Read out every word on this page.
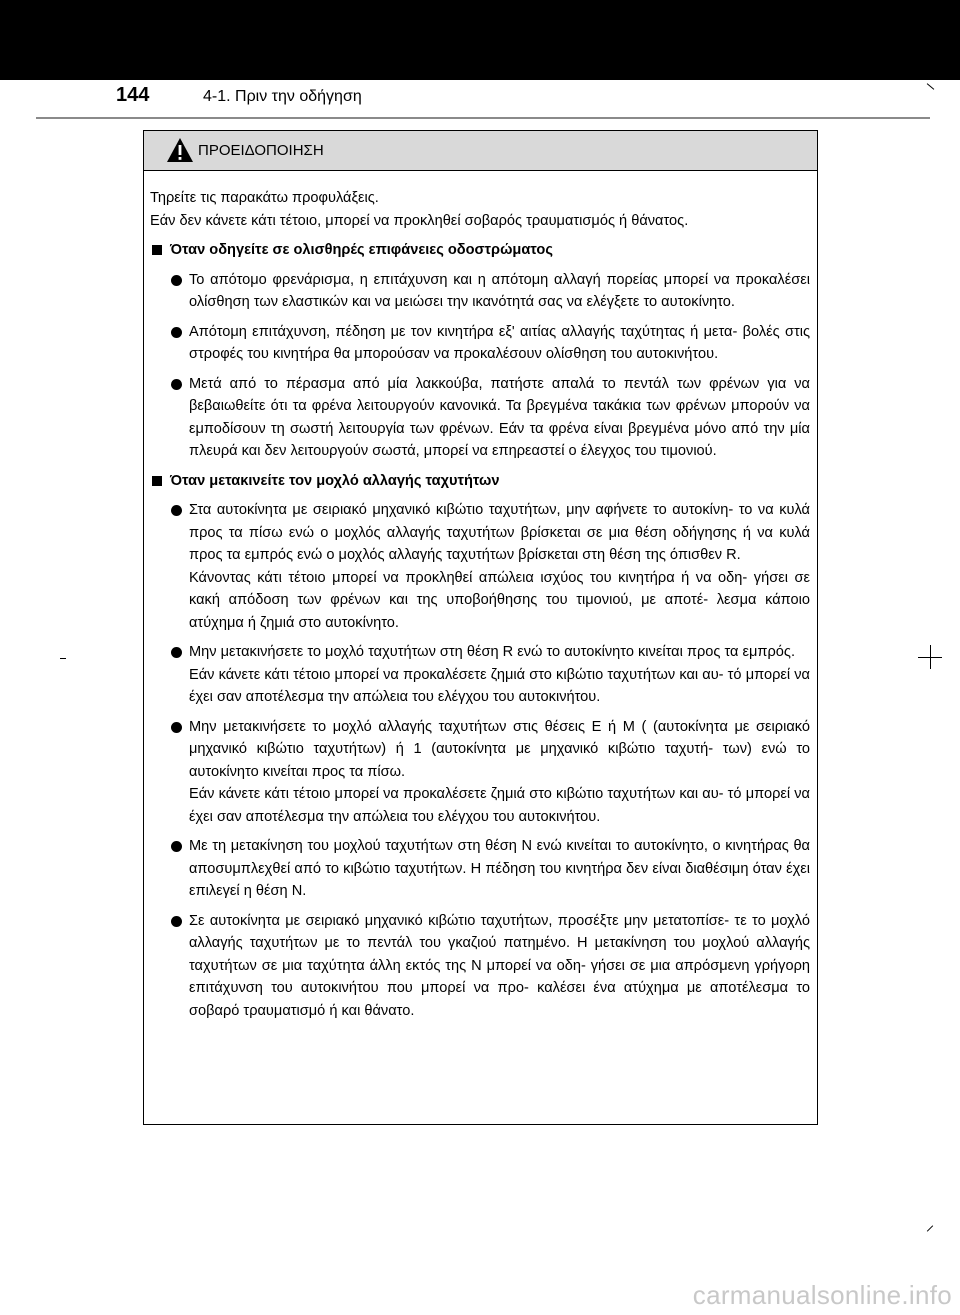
144	4-1. Πριν την οδήγηση
ΠΡΟΕΙΔΟΠΟΙΗΣΗ

Τηρείτε τις παρακάτω προφυλάξεις.

Εάν δεν κάνετε κάτι τέτοιο, μπορεί να προκληθεί σοβαρός τραυματισμός ή θάνατος.

Όταν οδηγείτε σε ολισθηρές επιφάνειες οδοστρώματος

Το απότομο φρενάρισμα, η επιτάχυνση και η απότομη αλλαγή πορείας μπορεί να προκαλέσει ολίσθηση των ελαστικών και να μειώσει την ικανότητά σας να ελέγξετε το αυτοκίνητο.

Απότομη επιτάχυνση, πέδηση με τον κινητήρα εξ' αιτίας αλλαγής ταχύτητας ή μετα- βολές στις στροφές του κινητήρα θα μπορούσαν να προκαλέσουν ολίσθηση του αυτοκινήτου.

Μετά από το πέρασμα από μία λακκούβα, πατήστε απαλά το πεντάλ των φρένων για να βεβαιωθείτε ότι τα φρένα λειτουργούν κανονικά. Τα βρεγμένα τακάκια των φρένων μπορούν να εμποδίσουν τη σωστή λειτουργία των φρένων. Εάν τα φρένα είναι βρεγμένα μόνο από την μία πλευρά και δεν λειτουργούν σωστά, μπορεί να επηρεαστεί ο έλεγχος του τιμονιού.

Όταν μετακινείτε τον μοχλό αλλαγής ταχυτήτων

Στα αυτοκίνητα με σειριακό μηχανικό κιβώτιο ταχυτήτων, μην αφήνετε το αυτοκίνη- το να κυλά προς τα πίσω ενώ ο μοχλός αλλαγής ταχυτήτων βρίσκεται σε μια θέση οδήγησης ή να κυλά προς τα εμπρός ενώ ο μοχλός αλλαγής ταχυτήτων βρίσκεται στη θέση της όπισθεν R.

Κάνοντας κάτι τέτοιο μπορεί να προκληθεί απώλεια ισχύος του κινητήρα ή να οδη- γήσει σε κακή απόδοση των φρένων και της υποβοήθησης του τιμονιού, με αποτέ- λεσμα κάποιο ατύχημα ή ζημιά στο αυτοκίνητο.

Μην μετακινήσετε το μοχλό ταχυτήτων στη θέση R ενώ το αυτοκίνητο κινείται προς τα εμπρός.

Εάν κάνετε κάτι τέτοιο μπορεί να προκαλέσετε ζημιά στο κιβώτιο ταχυτήτων και αυ- τό μπορεί να έχει σαν αποτέλεσμα την απώλεια του ελέγχου του αυτοκινήτου.

Μην μετακινήσετε το μοχλό αλλαγής ταχυτήτων στις θέσεις E ή M ( (αυτοκίνητα με σειριακό μηχανικό κιβώτιο ταχυτήτων) ή 1 (αυτοκίνητα με μηχανικό κιβώτιο ταχυτή- των) ενώ το αυτοκίνητο κινείται προς τα πίσω.

Εάν κάνετε κάτι τέτοιο μπορεί να προκαλέσετε ζημιά στο κιβώτιο ταχυτήτων και αυ- τό μπορεί να έχει σαν αποτέλεσμα την απώλεια του ελέγχου του αυτοκινήτου.

Με τη μετακίνηση του μοχλού ταχυτήτων στη θέση N ενώ κινείται το αυτοκίνητο, ο κινητήρας θα αποσυμπλεχθεί από το κιβώτιο ταχυτήτων. Η πέδηση του κινητήρα δεν είναι διαθέσιμη όταν έχει επιλεγεί η θέση N.

Σε αυτοκίνητα με σειριακό μηχανικό κιβώτιο ταχυτήτων, προσέξτε μην μετατοπίσε- τε το μοχλό αλλαγής ταχυτήτων με το πεντάλ του γκαζιού πατημένο. Η μετακίνηση του μοχλού αλλαγής ταχυτήτων σε μια ταχύτητα άλλη εκτός της N μπορεί να οδη- γήσει σε μια απρόσμενη γρήγορη επιτάχυνση του αυτοκινήτου που μπορεί να προ- καλέσει ένα ατύχημα με αποτέλεσμα το σοβαρό τραυματισμό ή και θάνατο.

carmanualsonline.info
